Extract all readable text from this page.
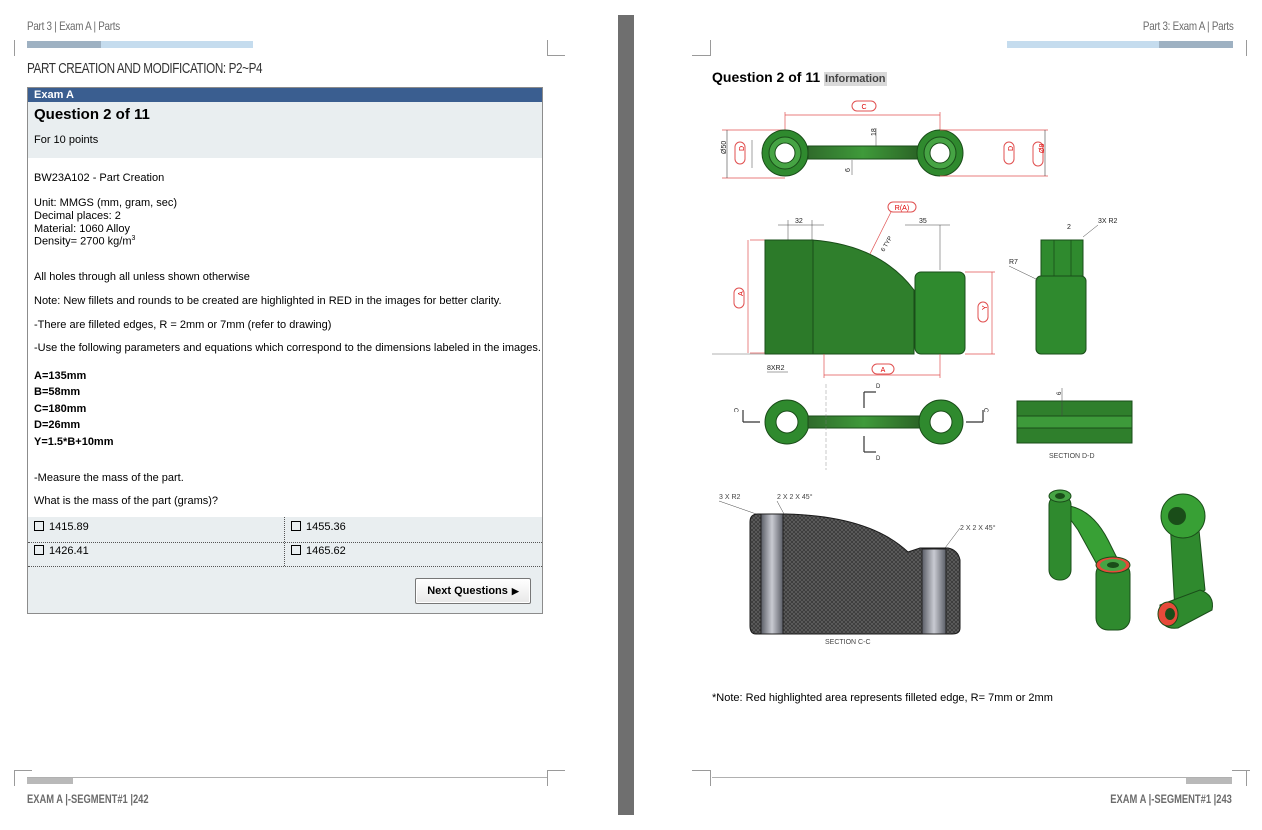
Part 3 | Exam A | Parts
PART CREATION AND MODIFICATION: P2~P4
Exam A
Question 2 of 11
For 10 points
BW23A102 - Part Creation
Unit: MMGS (mm, gram, sec)
Decimal places: 2
Material: 1060 Alloy
Density= 2700 $kg/m^3$
All holes through all unless shown otherwise
Note: New fillets and rounds to be created are highlighted in RED in the images for better clarity.
-There are filleted edges, R = 2mm or 7mm (refer to drawing)
-Use the following parameters and equations which correspond to the dimensions labeled in the images.
A=135mm
B=58mm
C=180mm
D=26mm
Y=1.5*B+10mm
-Measure the mass of the part.
What is the mass of the part (grams)?
1415.89	1455.36
1426.41	1465.62
Next Questions ▶
EXAM A |-SEGMENT#1 |242
Part 3: Exam A | Parts
Question 2 of 11 Information
C
Ø50 D
18
6
D	Ø8
32	35
R(A)
6 TYP
A
Y
A
8XR2
R7
3X R2
2
C	C
D
D
6
SECTION D-D
3 X R2	2 X 2 X 45°
2 X 2 X 45°
SECTION C-C
*Note: Red highlighted area represents filleted edge, R= 7mm or 2mm
EXAM A |-SEGMENT#1 |243
